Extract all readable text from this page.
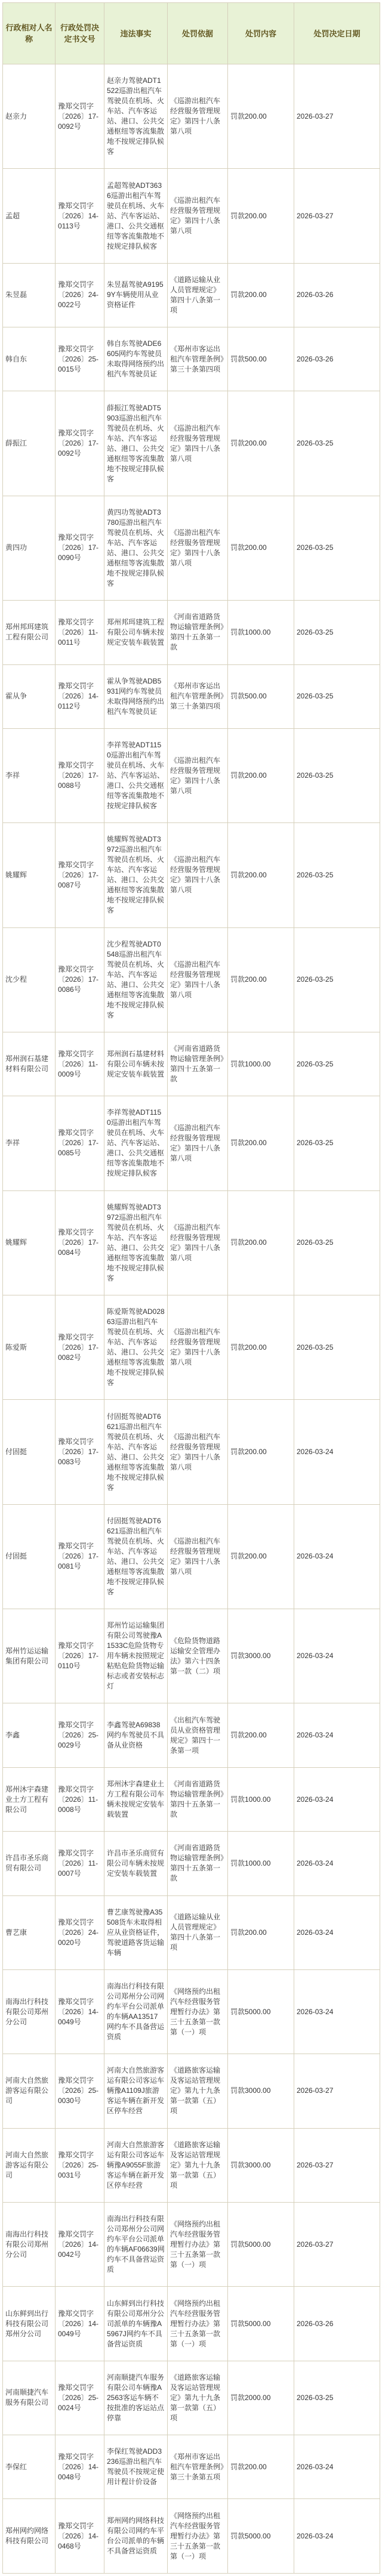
行政相对人名称	行政处罚决定书文号	违法事实	处罚依据	处罚内容	处罚决定日期
赵亲力	豫郑交罚字〔2026〕17-0092号	赵亲力驾驶ADT1522巡游出租汽车驾驶员在机场、火车站、汽车客运站、港口、公共交通枢纽等客流集散地不按规定排队候客	《巡游出租汽车经营服务管理规定》第四十八条第八项	罚款200.00	2026-03-27
孟超	豫郑交罚字〔2026〕14-0113号	孟超驾驶ADT3636巡游出租汽车驾驶员在机场、火车站、汽车客运站、港口、公共交通枢纽等客流集散地不按规定排队候客	《巡游出租汽车经营服务管理规定》第四十八条第八项	罚款200.00	2026-03-27
朱昱磊	豫郑交罚字〔2026〕24-0022号	朱昱磊驾驶A91959Y车辆使用从业资格证件	《道路运输从业人员管理规定》第四十八条第一项	罚款200.00	2026-03-26
韩自东	豫郑交罚字〔2026〕25-0015号	韩自东驾驶ADE6605网约车驾驶员未取得网络预约出租汽车驾驶员证	《郑州市客运出租汽车管理条例》第三十条第四项	罚款500.00	2026-03-26
薛振江	豫郑交罚字〔2026〕17-0092号	薛振江驾驶ADT5903巡游出租汽车驾驶员在机场、火车站、汽车客运站、港口、公共交通枢纽等客流集散地不按规定排队候客	《巡游出租汽车经营服务管理规定》第四十八条第八项	罚款200.00	2026-03-25
黄四功	豫郑交罚字〔2026〕17-0090号	黄四功驾驶ADT3780巡游出租汽车驾驶员在机场、火车站、汽车客运站、港口、公共交通枢纽等客流集散地不按规定排队候客	《巡游出租汽车经营服务管理规定》第四十八条第八项	罚款200.00	2026-03-25
郑州邦珥建筑工程有限公司	豫郑交罚字〔2026〕11-0011号	郑州邦珥建筑工程有限公司车辆未按规定安装车载装置	《河南省道路货物运输管理条例》第四十五条第一款	罚款1000.00	2026-03-25
霍从争	豫郑交罚字〔2026〕14-0112号	霍从争驾驶ADB5931网约车驾驶员未取得网络预约出租汽车驾驶员证	《郑州市客运出租汽车管理条例》第三十条第四项	罚款500.00	2026-03-25
李祥	豫郑交罚字〔2026〕17-0088号	李祥驾驶ADT1150巡游出租汽车驾驶员在机场、火车站、汽车客运站、港口、公共交通枢纽等客流集散地不按规定排队候客	《巡游出租汽车经营服务管理规定》第四十八条第八项	罚款200.00	2026-03-25
姚耀辉	豫郑交罚字〔2026〕17-0087号	姚耀辉驾驶ADT3972巡游出租汽车驾驶员在机场、火车站、汽车客运站、港口、公共交通枢纽等客流集散地不按规定排队候客	《巡游出租汽车经营服务管理规定》第四十八条第八项	罚款200.00	2026-03-25
沈少程	豫郑交罚字〔2026〕17-0086号	沈少程驾驶ADT0548巡游出租汽车驾驶员在机场、火车站、汽车客运站、港口、公共交通枢纽等客流集散地不按规定排队候客	《巡游出租汽车经营服务管理规定》第四十八条第八项	罚款200.00	2026-03-25
郑州润石基建材料有限公司	豫郑交罚字〔2026〕11-0009号	郑州润石基建材料有限公司车辆未按规定安装车载装置	《河南省道路货物运输管理条例》第四十五条第一款	罚款1000.00	2026-03-25
李祥	豫郑交罚字〔2026〕17-0085号	李祥驾驶ADT1150巡游出租汽车驾驶员在机场、火车站、汽车客运站、港口、公共交通枢纽等客流集散地不按规定排队候客	《巡游出租汽车经营服务管理规定》第四十八条第八项	罚款200.00	2026-03-25
姚耀辉	豫郑交罚字〔2026〕17-0084号	姚耀辉驾驶ADT3972巡游出租汽车驾驶员在机场、火车站、汽车客运站、港口、公共交通枢纽等客流集散地不按规定排队候客	《巡游出租汽车经营服务管理规定》第四十八条第八项	罚款200.00	2026-03-25
陈爱斯	豫郑交罚字〔2026〕17-0082号	陈爱斯驾驶AD02863巡游出租汽车驾驶员在机场、火车站、汽车客运站、港口、公共交通枢纽等客流集散地不按规定排队候客	《巡游出租汽车经营服务管理规定》第四十八条第八项	罚款200.00	2026-03-25
付固挺	豫郑交罚字〔2026〕17-0083号	付固挺驾驶ADT6621巡游出租汽车驾驶员在机场、火车站、汽车客运站、港口、公共交通枢纽等客流集散地不按规定排队候客	《巡游出租汽车经营服务管理规定》第四十八条第八项	罚款200.00	2026-03-24
付固挺	豫郑交罚字〔2026〕17-0081号	付固挺驾驶ADT6621巡游出租汽车驾驶员在机场、火车站、汽车客运站、港口、公共交通枢纽等客流集散地不按规定排队候客	《巡游出租汽车经营服务管理规定》第四十八条第八项	罚款200.00	2026-03-24
郑州竹运运输集团有限公司	豫郑交罚字〔2026〕17-0110号	郑州竹运运输集团有限公司驾驶豫A1533C危险货物专用车辆未按照规定粘贴危险货物运输标志或者安装标志灯	《危险货物道路运输安全管理办法》第六十四条第一款（二）项	罚款3000.00	2026-03-24
李鑫	豫郑交罚字〔2026〕25-0029号	李鑫驾驶A69838网约车驾驶员不具备从业资格	《出租汽车驾驶员从业资格管理规定》第四十一条第一项	罚款200.00	2026-03-24
郑州沐宇森建业土方工程有限公司	豫郑交罚字〔2026〕11-0008号	郑州沐宇森建业土方工程有限公司车辆未按规定安装车载装置	《河南省道路货物运输管理条例》第四十五条第一款	罚款1000.00	2026-03-24
许昌市圣乐商贸有限公司	豫郑交罚字〔2026〕11-0007号	许昌市圣乐商贸有限公司车辆未按规定安装车载装置	《河南省道路货物运输管理条例》第四十五条第一款	罚款1000.00	2026-03-24
曹艺康	豫郑交罚字〔2026〕24-0020号	曹艺康驾驶豫A35508货车未取得相应从业资格证件，驾驶道路客货运输车辆	《道路运输从业人员管理规定》第四十八条第一项	罚款200.00	2026-03-24
南海出行科技有限公司郑州分公司	豫郑交罚字〔2026〕14-0049号	南海出行科技有限公司郑州分公司网约车平台公司派单的车辆AA13517网约车不具备营运资质	《网络预约出租汽车经营服务管理暂行办法》第三十五条第一款第（一）项	罚款5000.00	2026-03-24
河南大自然旅游客运有限公司	豫郑交罚字〔2026〕25-0030号	河南大自然旅游客运有限公司客运车辆豫A1109J旅游客运车辆在新开发区停车经营	《道路旅客运输及客运站管理规定》第九十九条第一款第（五）项	罚款3000.00	2026-03-27
河南大自然旅游客运有限公司	豫郑交罚字〔2026〕25-0031号	河南大自然旅游客运有限公司客运车辆豫A9055F旅游客运车辆在新开发区停车经营	《道路旅客运输及客运站管理规定》第九十九条第一款第（五）项	罚款3000.00	2026-03-27
南海出行科技有限公司郑州分公司	豫郑交罚字〔2026〕14-0042号	南海出行科技有限公司郑州分公司网约车平台公司派单的车辆AF06639网约车不具备营运资质	《网络预约出租汽车经营服务管理暂行办法》第三十五条第一款第（一）项	罚款5000.00	2026-03-27
山东鲜到出行科技有限公司郑州分公司	豫郑交罚字〔2026〕14-0049号	山东鲜到出行科技有限公司郑州分公司派单的车辆豫A5967J网约车不具备营运资质	《网络预约出租汽车经营服务管理暂行办法》第三十五条第一款第（一）项	罚款5000.00	2026-03-26
河南顺捷汽车服务有限公司	豫郑交罚字〔2026〕25-0024号	河南顺捷汽车服务有限公司车辆豫A2563客运车辆不按批准的客运站点停靠	《道路旅客运输及客运站管理规定》第九十九条第一款第（五）项	罚款2000.00	2026-03-25
李保红	豫郑交罚字〔2026〕14-0048号	李保红驾驶ADD3236巡游出租汽车驾驶员不按规定使用计程计价设备	《郑州市客运出租汽车管理条例》第三十条第五项	罚款200.00	2026-03-24
郑州网约网络科技有限公司	豫郑交罚字〔2026〕14-0468号	郑州网约网络科技有限公司网约车平台公司派单的车辆不具备营运资质	《网络预约出租汽车经营服务管理暂行办法》第三十五条第一款第（一）项	罚款5000.00	2026-03-24
